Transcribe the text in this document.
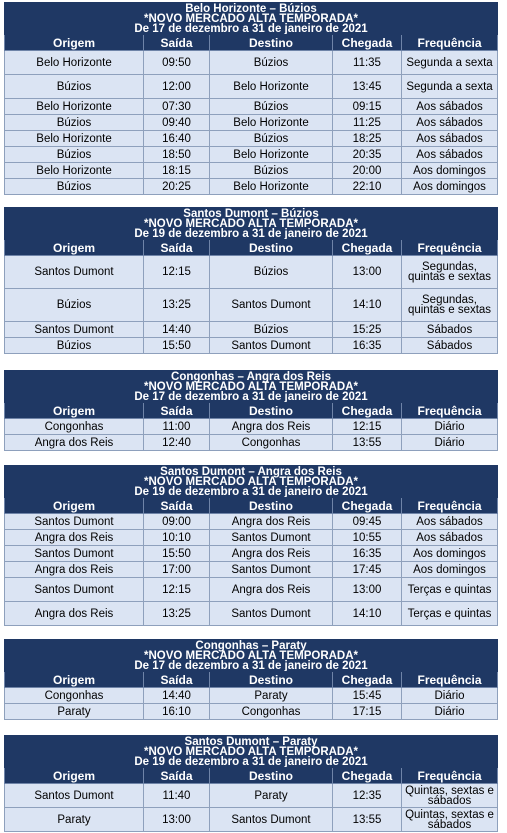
Belo Horizonte – Búzios
*NOVO MERCADO ALTA TEMPORADA*
De 17 de dezembro a 31 de janeiro de 2021				

Origem	Saída	Destino	Chegada	Frequência
Belo Horizonte	09:50	Búzios	11:35	Segunda a sexta
Búzios	12:00	Belo Horizonte	13:45	Segunda a sexta
Belo Horizonte	07:30	Búzios	09:15	Aos sábados
Búzios	09:40	Belo Horizonte	11:25	Aos sábados
Belo Horizonte	16:40	Búzios	18:25	Aos sábados
Búzios	18:50	Belo Horizonte	20:35	Aos sábados
Belo Horizonte	18:15	Búzios	20:00	Aos domingos
Búzios	20:25	Belo Horizonte	22:10	Aos domingos
Santos Dumont – Búzios
*NOVO MERCADO ALTA TEMPORADA*
De 19 de dezembro a 31 de janeiro de 2021				

Origem	Saída	Destino	Chegada	Frequência
Santos Dumont	12:15	Búzios	13:00	Segundas, quintas e sextas
Búzios	13:25	Santos Dumont	14:10	Segundas, quintas e sextas
Santos Dumont	14:40	Búzios	15:25	Sábados
Búzios	15:50	Santos Dumont	16:35	Sábados
Congonhas – Angra dos Reis
*NOVO MERCADO ALTA TEMPORADA*
De 17 de dezembro a 31 de janeiro de 2021				

Origem	Saída	Destino	Chegada	Frequência
Congonhas	11:00	Angra dos Reis	12:15	Diário
Angra dos Reis	12:40	Congonhas	13:55	Diário
Santos Dumont – Angra dos Reis
*NOVO MERCADO ALTA TEMPORADA*
De 19 de dezembro a 31 de janeiro de 2021				

Origem	Saída	Destino	Chegada	Frequência
Santos Dumont	09:00	Angra dos Reis	09:45	Aos sábados
Angra dos Reis	10:10	Santos Dumont	10:55	Aos sábados
Santos Dumont	15:50	Angra dos Reis	16:35	Aos domingos
Angra dos Reis	17:00	Santos Dumont	17:45	Aos domingos
Santos Dumont	12:15	Angra dos Reis	13:00	Terças e quintas
Angra dos Reis	13:25	Santos Dumont	14:10	Terças e quintas
Congonhas – Paraty
*NOVO MERCADO ALTA TEMPORADA*
De 17 de dezembro a 31 de janeiro de 2021				

Origem	Saída	Destino	Chegada	Frequência
Congonhas	14:40	Paraty	15:45	Diário
Paraty	16:10	Congonhas	17:15	Diário
Santos Dumont – Paraty
*NOVO MERCADO ALTA TEMPORADA*
De 19 de dezembro a 31 de janeiro de 2021				

Origem	Saída	Destino	Chegada	Frequência
Santos Dumont	11:40	Paraty	12:35	Quintas, sextas e sábados
Paraty	13:00	Santos Dumont	13:55	Quintas, sextas e sábados
